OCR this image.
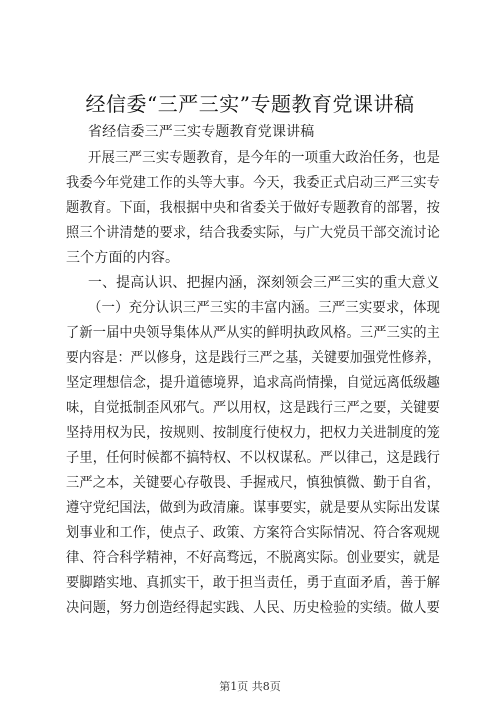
经信委“三严三实”专题教育党课讲稿
省经信委三严三实专题教育党课讲稿
开展三严三实专题教育，是今年的一项重大政治任务，也是
我委今年党建工作的头等大事。今天，我委正式启动三严三实专
题教育。下面，我根据中央和省委关于做好专题教育的部署，按
照三个讲清楚的要求，结合我委实际，与广大党员干部交流讨论
三个方面的内容。
一、提高认识、把握内涵，深刻领会三严三实的重大意义
（一）充分认识三严三实的丰富内涵。三严三实要求，体现
了新一届中央领导集体从严从实的鲜明执政风格。三严三实的主
要内容是：严以修身，这是践行三严之基，关键要加强党性修养，
坚定理想信念，提升道德境界，追求高尚情操，自觉远离低级趣
味，自觉抵制歪风邪气。严以用权，这是践行三严之要，关键要
坚持用权为民，按规则、按制度行使权力，把权力关进制度的笼
子里，任何时候都不搞特权、不以权谋私。严以律己，这是践行
三严之本，关键要心存敬畏、手握戒尺，慎独慎微、勤于自省，
遵守党纪国法，做到为政清廉。谋事要实，就是要从实际出发谋
划事业和工作，使点子、政策、方案符合实际情况、符合客观规
律、符合科学精神，不好高骛远，不脱离实际。创业要实，就是
要脚踏实地、真抓实干，敢于担当责任，勇于直面矛盾，善于解
决问题，努力创造经得起实践、人民、历史检验的实绩。做人要
第1页 共8页
